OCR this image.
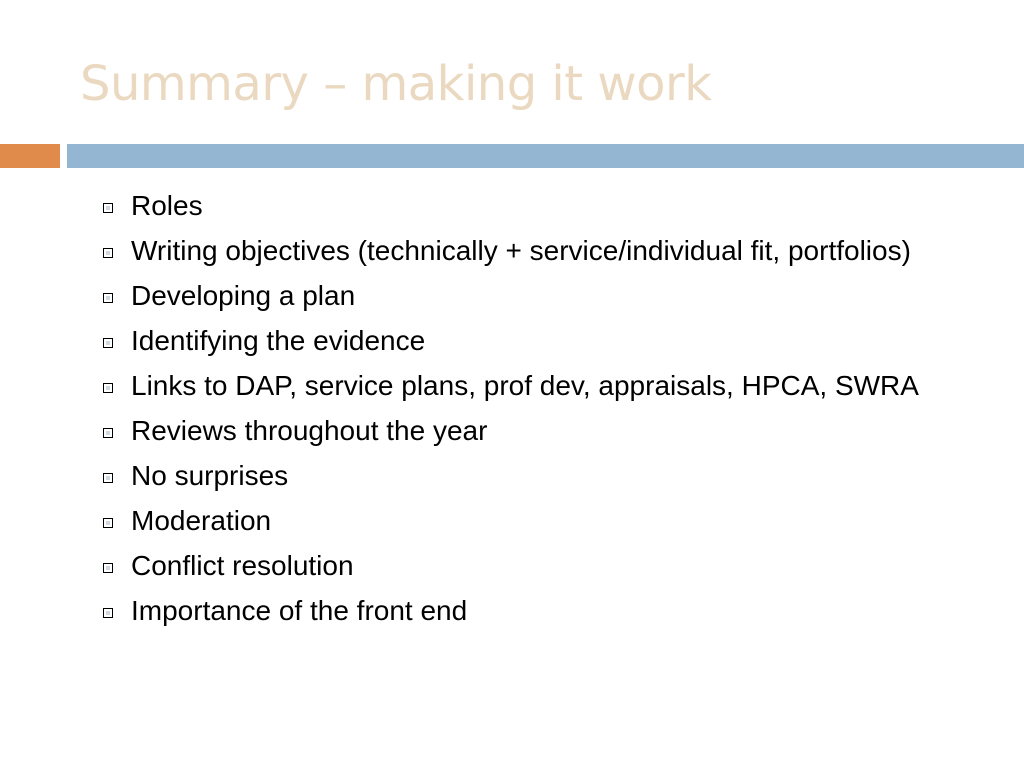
Summary – making it work
Roles
Writing objectives (technically + service/individual fit, portfolios)
Developing a plan
Identifying the evidence
Links to DAP, service plans, prof dev, appraisals, HPCA, SWRA
Reviews throughout the year
No surprises
Moderation
Conflict resolution
Importance of the front end
